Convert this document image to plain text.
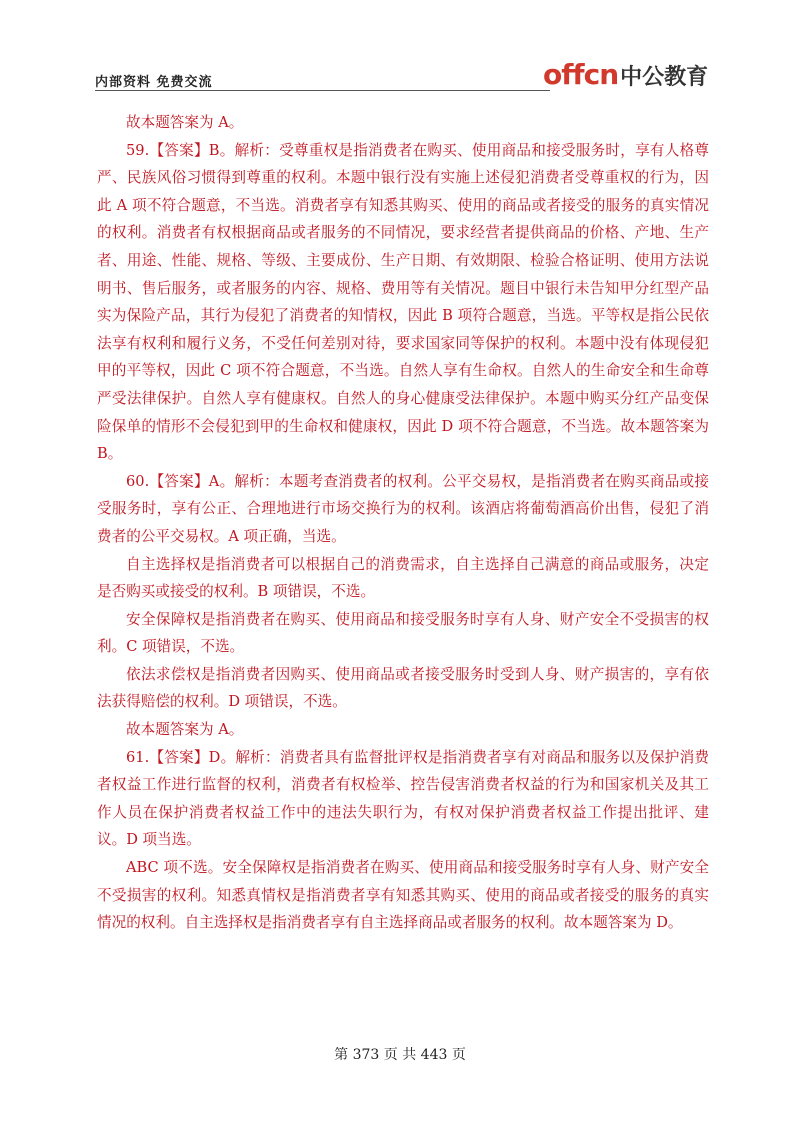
内部资料 免费交流	offcn 中公教育

故本题答案为 A。

59.【答案】B。解析：受尊重权是指消费者在购买、使用商品和接受服务时，享有人格尊严、民族风俗习惯得到尊重的权利。本题中银行没有实施上述侵犯消费者受尊重权的行为，因此 A 项不符合题意，不当选。消费者享有知悉其购买、使用的商品或者接受的服务的真实情况的权利。消费者有权根据商品或者服务的不同情况，要求经营者提供商品的价格、产地、生产者、用途、性能、规格、等级、主要成份、生产日期、有效期限、检验合格证明、使用方法说明书、售后服务，或者服务的内容、规格、费用等有关情况。题目中银行未告知甲分红型产品实为保险产品，其行为侵犯了消费者的知情权，因此 B 项符合题意，当选。平等权是指公民依法享有权利和履行义务，不受任何差别对待，要求国家同等保护的权利。本题中没有体现侵犯甲的平等权，因此 C 项不符合题意，不当选。自然人享有生命权。自然人的生命安全和生命尊严受法律保护。自然人享有健康权。自然人的身心健康受法律保护。本题中购买分红产品变保险保单的情形不会侵犯到甲的生命权和健康权，因此 D 项不符合题意，不当选。故本题答案为 B。

60.【答案】A。解析：本题考查消费者的权利。公平交易权，是指消费者在购买商品或接受服务时，享有公正、合理地进行市场交换行为的权利。该酒店将葡萄酒高价出售，侵犯了消费者的公平交易权。A 项正确，当选。

自主选择权是指消费者可以根据自己的消费需求，自主选择自己满意的商品或服务，决定是否购买或接受的权利。B 项错误，不选。

安全保障权是指消费者在购买、使用商品和接受服务时享有人身、财产安全不受损害的权利。C 项错误，不选。

依法求偿权是指消费者因购买、使用商品或者接受服务时受到人身、财产损害的，享有依法获得赔偿的权利。D 项错误，不选。

故本题答案为 A。

61.【答案】D。解析：消费者具有监督批评权是指消费者享有对商品和服务以及保护消费者权益工作进行监督的权利，消费者有权检举、控告侵害消费者权益的行为和国家机关及其工作人员在保护消费者权益工作中的违法失职行为，有权对保护消费者权益工作提出批评、建议。D 项当选。

ABC 项不选。安全保障权是指消费者在购买、使用商品和接受服务时享有人身、财产安全不受损害的权利。知悉真情权是指消费者享有知悉其购买、使用的商品或者接受的服务的真实情况的权利。自主选择权是指消费者享有自主选择商品或者服务的权利。故本题答案为 D。

第 373 页 共 443 页
